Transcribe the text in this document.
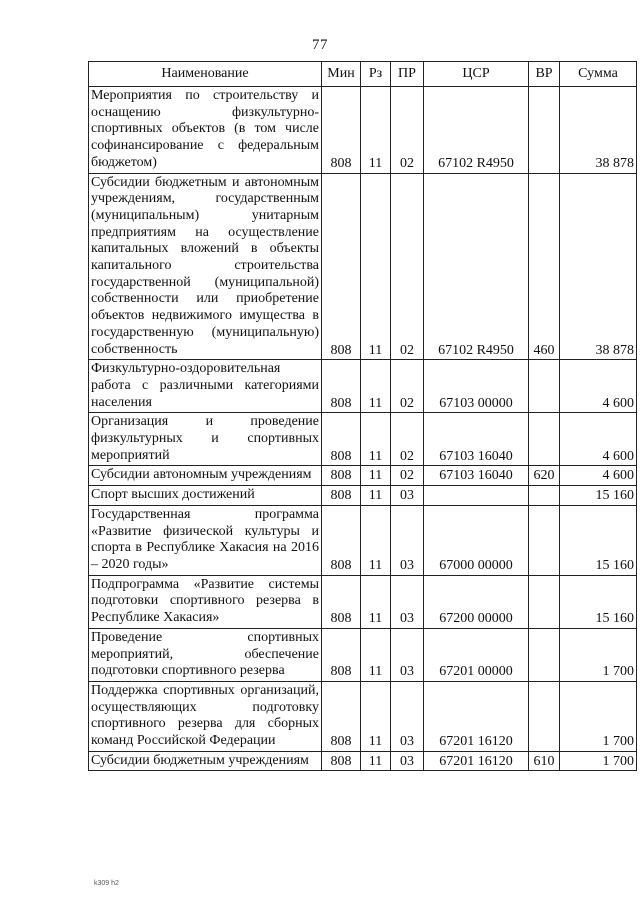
77
Наименование	Мин	Рз	ПР	ЦСР	ВР	Сумма
Мероприятия по строительству и оснащению физкультурно-спортивных объектов (в том числе софинансирование с федеральным бюджетом)	808	11	02	67102 R4950		38 878
Субсидии бюджетным и автономным учреждениям, государственным (муниципальным) унитарным предприятиям на осуществление капитальных вложений в объекты капитального строительства государственной (муниципальной) собственности или приобретение объектов недвижимого имущества в государственную (муниципальную) собственность	808	11	02	67102 R4950	460	38 878
Физкультурно-оздоровительная работа с различными категориями населения	808	11	02	67103 00000		4 600
Организация и проведение физкультурных и спортивных мероприятий	808	11	02	67103 16040		4 600
Субсидии автономным учреждениям	808	11	02	67103 16040	620	4 600
Спорт высших достижений	808	11	03			15 160
Государственная программа «Развитие физической культуры и спорта в Республике Хакасия на 2016 – 2020 годы»	808	11	03	67000 00000		15 160
Подпрограмма «Развитие системы подготовки спортивного резерва в Республике Хакасия»	808	11	03	67200 00000		15 160
Проведение спортивных мероприятий, обеспечение подготовки спортивного резерва	808	11	03	67201 00000		1 700
Поддержка спортивных организаций, осуществляющих подготовку спортивного резерва для сборных команд Российской Федерации	808	11	03	67201 16120		1 700
Субсидии бюджетным учреждениям	808	11	03	67201 16120	610	1 700
k309 h2
